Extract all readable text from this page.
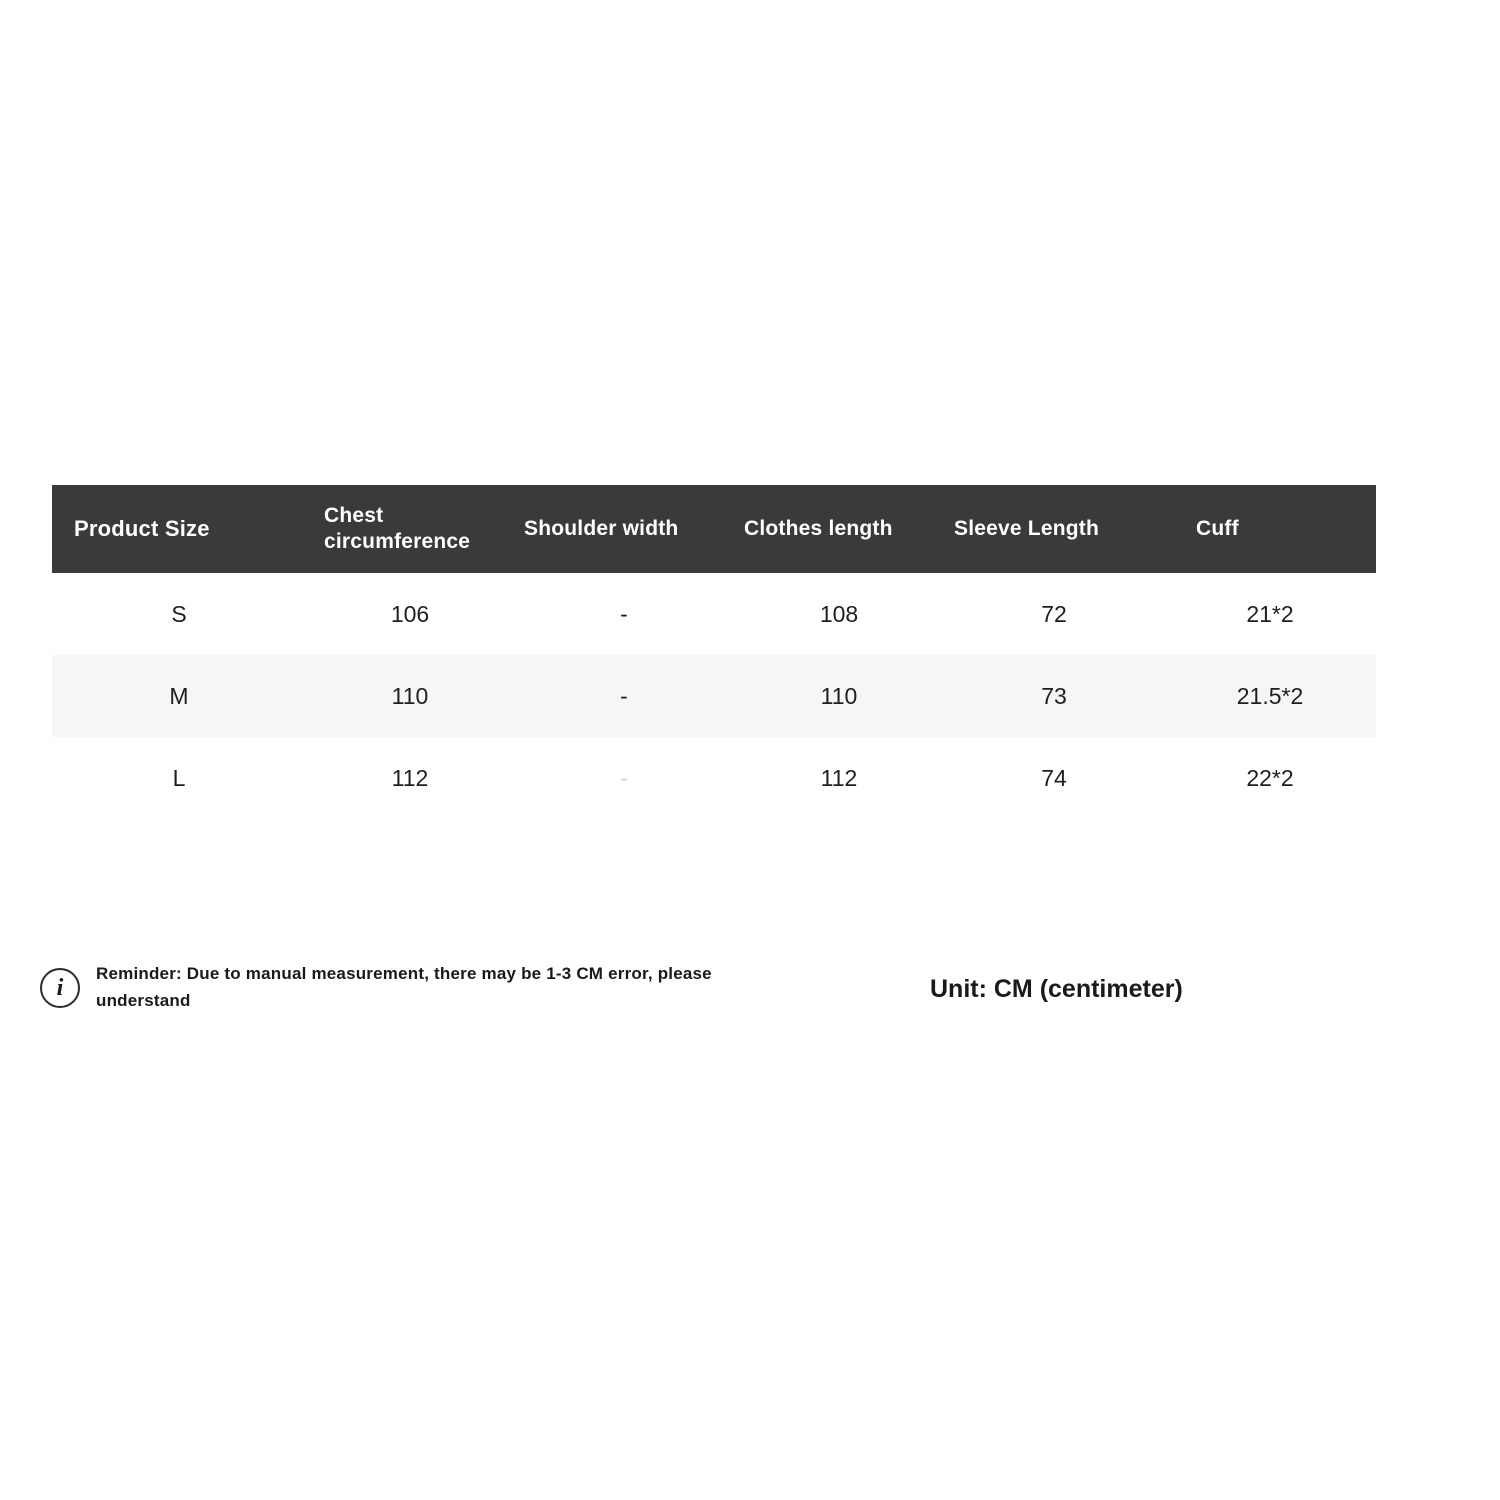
Product Size	Chest circumference	Shoulder width	Clothes length	Sleeve Length	Cuff
S	106	-	108	72	21*2
M	110	-	110	73	21.5*2
L	112	-	112	74	22*2
i
Reminder: Due to manual measurement, there may be 1-3 CM error, please understand	Unit: CM (centimeter)
